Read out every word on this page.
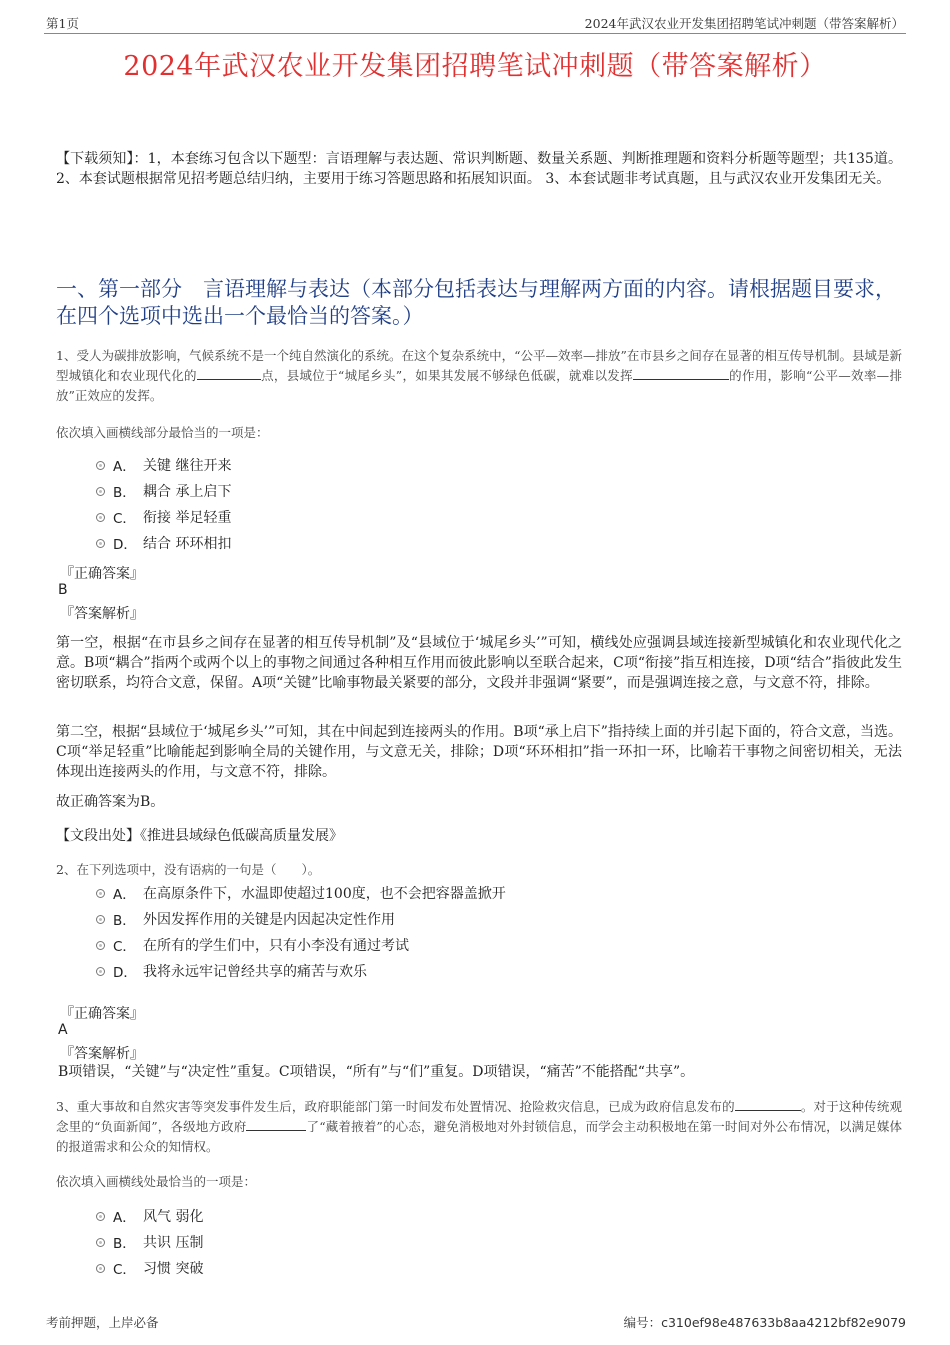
第1页	2024年武汉农业开发集团招聘笔试冲刺题（带答案解析）
2024年武汉农业开发集团招聘笔试冲刺题（带答案解析）
【下载须知】：1，本套练习包含以下题型：言语理解与表达题、常识判断题、数量关系题、判断推理题和资料分析题等题型；共135道。 2、本套试题根据常见招考题总结归纳，主要用于练习答题思路和拓展知识面。 3、本套试题非考试真题，且与武汉农业开发集团无关。
一、第一部分　言语理解与表达（本部分包括表达与理解两方面的内容。请根据题目要求，在四个选项中选出一个最恰当的答案。）
1、受人为碳排放影响，气候系统不是一个纯自然演化的系统。在这个复杂系统中，“公平—效率—排放”在市县乡之间存在显著的相互传导机制。县域是新型城镇化和农业现代化的	点，县域位于“城尾乡头”，如果其发展不够绿色低碳，就难以发挥	的作用，影响“公平—效率—排放”正效应的发挥。
依次填入画横线部分最恰当的一项是：
A． 关键 继往开来
B． 耦合 承上启下
C． 衔接 举足轻重
D． 结合 环环相扣
『正确答案』
B
『答案解析』
第一空，根据“在市县乡之间存在显著的相互传导机制”及“县域位于‘城尾乡头’”可知，横线处应强调县域连接新型城镇化和农业现代化之意。B项“耦合”指两个或两个以上的事物之间通过各种相互作用而彼此影响以至联合起来，C项“衔接”指互相连接，D项“结合”指彼此发生密切联系，均符合文意，保留。A项“关键”比喻事物最关紧要的部分，文段并非强调“紧要”，而是强调连接之意，与文意不符，排除。
第二空，根据“县域位于‘城尾乡头’”可知，其在中间起到连接两头的作用。B项“承上启下”指持续上面的并引起下面的，符合文意，当选。C项“举足轻重”比喻能起到影响全局的关键作用，与文意无关，排除；D项“环环相扣”指一环扣一环，比喻若干事物之间密切相关，无法体现出连接两头的作用，与文意不符，排除。
故正确答案为B。
【文段出处】《推进县域绿色低碳高质量发展》
2、在下列选项中，没有语病的一句是（　　）。
A． 在高原条件下，水温即使超过100度，也不会把容器盖掀开
B． 外因发挥作用的关键是内因起决定性作用
C． 在所有的学生们中，只有小李没有通过考试
D． 我将永远牢记曾经共享的痛苦与欢乐
『正确答案』
A
『答案解析』
B项错误，“关键”与“决定性”重复。C项错误，“所有”与“们”重复。D项错误，“痛苦”不能搭配“共享”。
3、重大事故和自然灾害等突发事件发生后，政府职能部门第一时间发布处置情况、抢险救灾信息，已成为政府信息发布的	。对于这种传统观念里的“负面新闻”，各级地方政府	了“藏着掖着”的心态，避免消极地对外封锁信息，而学会主动积极地在第一时间对外公布情况，以满足媒体的报道需求和公众的知情权。
依次填入画横线处最恰当的一项是：
A． 风气 弱化
B． 共识 压制
C． 习惯 突破
考前押题，上岸必备	编号：c310ef98e487633b8aa4212bf82e9079
